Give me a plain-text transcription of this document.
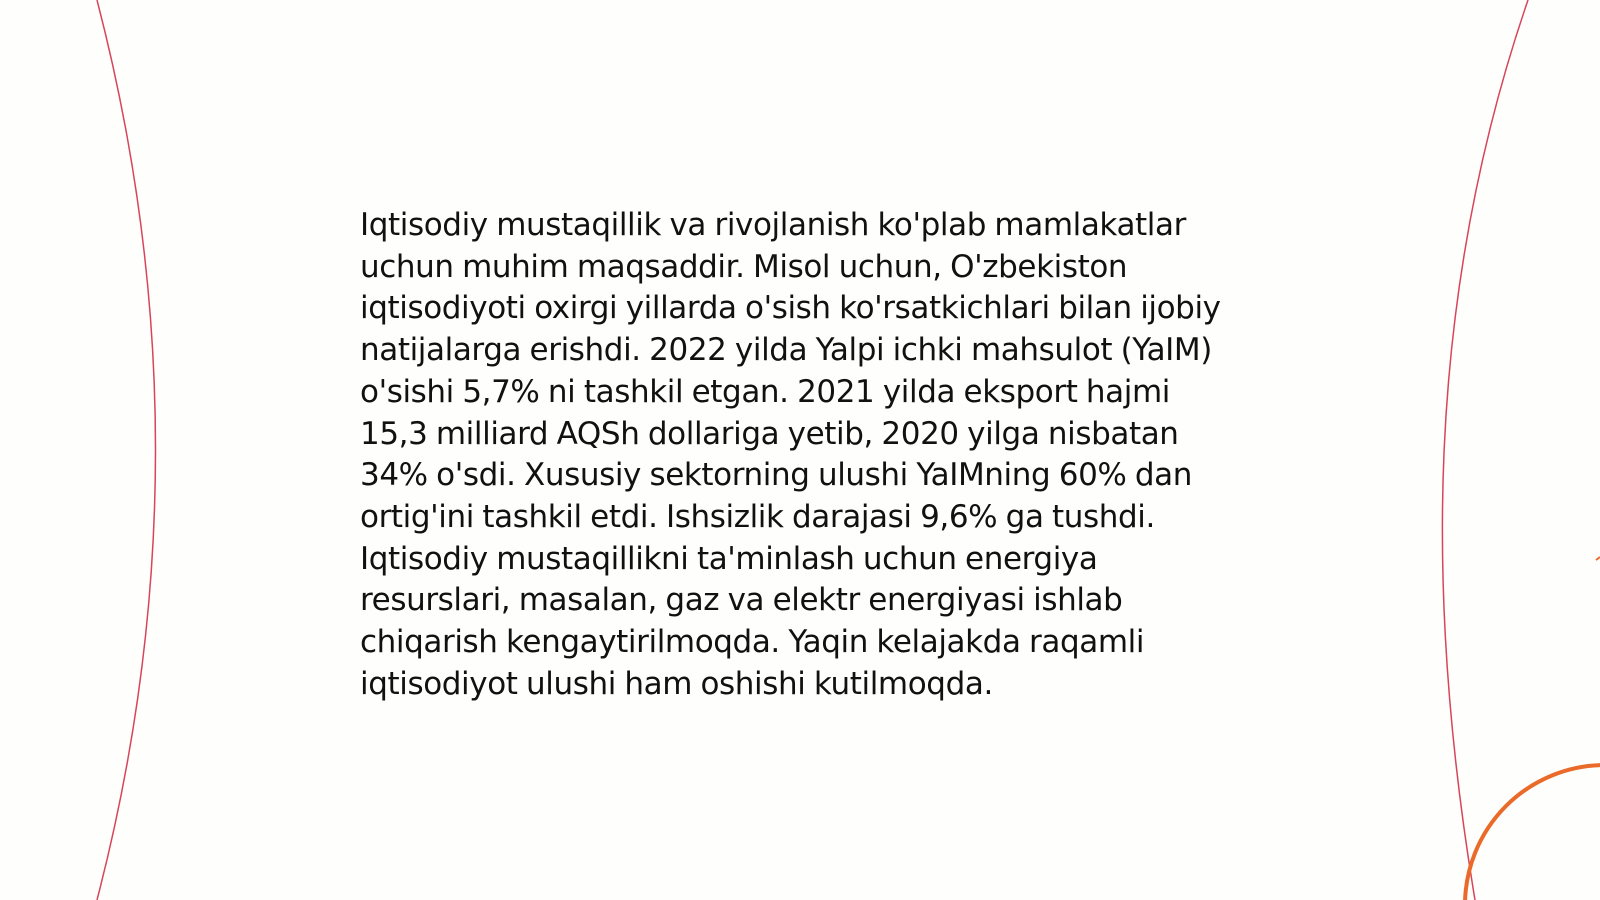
Iqtisodiy mustaqillik va rivojlanish ko'plab mamlakatlar uchun muhim maqsaddir. Misol uchun, O'zbekiston iqtisodiyoti oxirgi yillarda o'sish ko'rsatkichlari bilan ijobiy natijalarga erishdi. 2022 yilda Yalpi ichki mahsulot (YaIM) o'sishi 5,7% ni tashkil etgan. 2021 yilda eksport hajmi 15,3 milliard AQSh dollariga yetib, 2020 yilga nisbatan 34% o'sdi. Xususiy sektorning ulushi YaIMning 60% dan ortig'ini tashkil etdi. Ishsizlik darajasi 9,6% ga tushdi. Iqtisodiy mustaqillikni ta'minlash uchun energiya resurslari, masalan, gaz va elektr energiyasi ishlab chiqarish kengaytirilmoqda. Yaqin kelajakda raqamli iqtisodiyot ulushi ham oshishi kutilmoqda.
